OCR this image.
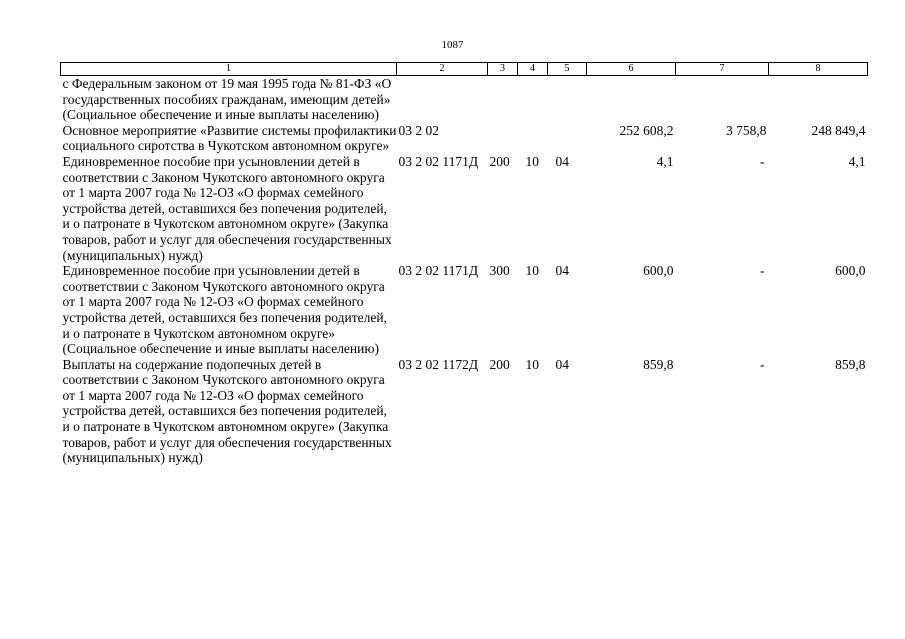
1087
1	2	3	4	5	6	7	8
с Федеральным законом от 19 мая 1995 года № 81-ФЗ «О государственных пособиях гражданам, имеющим детей» (Социальное обеспечение и иные выплаты населению)							
Основное мероприятие «Развитие системы профилактики социального сиротства в Чукотском автономном округе»	03 2 02				252 608,2	3 758,8	248 849,4
Единовременное пособие при усыновлении детей в соответствии с Законом Чукотского автономного округа от 1 марта 2007 года № 12-ОЗ «О формах семейного устройства детей, оставшихся без попечения родителей, и о патронате в Чукотском автономном округе» (Закупка товаров, работ и услуг для обеспечения государственных (муниципальных) нужд)	03 2 02 1171Д	200	10	04	4,1	-	4,1
Единовременное пособие при усыновлении детей в соответствии с Законом Чукотского автономного округа от 1 марта 2007 года № 12-ОЗ «О формах семейного устройства детей, оставшихся без попечения родителей, и о патронате в Чукотском автономном округе» (Социальное обеспечение и иные выплаты населению)	03 2 02 1171Д	300	10	04	600,0	-	600,0
Выплаты на содержание подопечных детей в соответствии с Законом Чукотского автономного округа от 1 марта 2007 года № 12-ОЗ «О формах семейного устройства детей, оставшихся без попечения родителей, и о патронате в Чукотском автономном округе» (Закупка товаров, работ и услуг для обеспечения государственных (муниципальных) нужд)	03 2 02 1172Д	200	10	04	859,8	-	859,8
